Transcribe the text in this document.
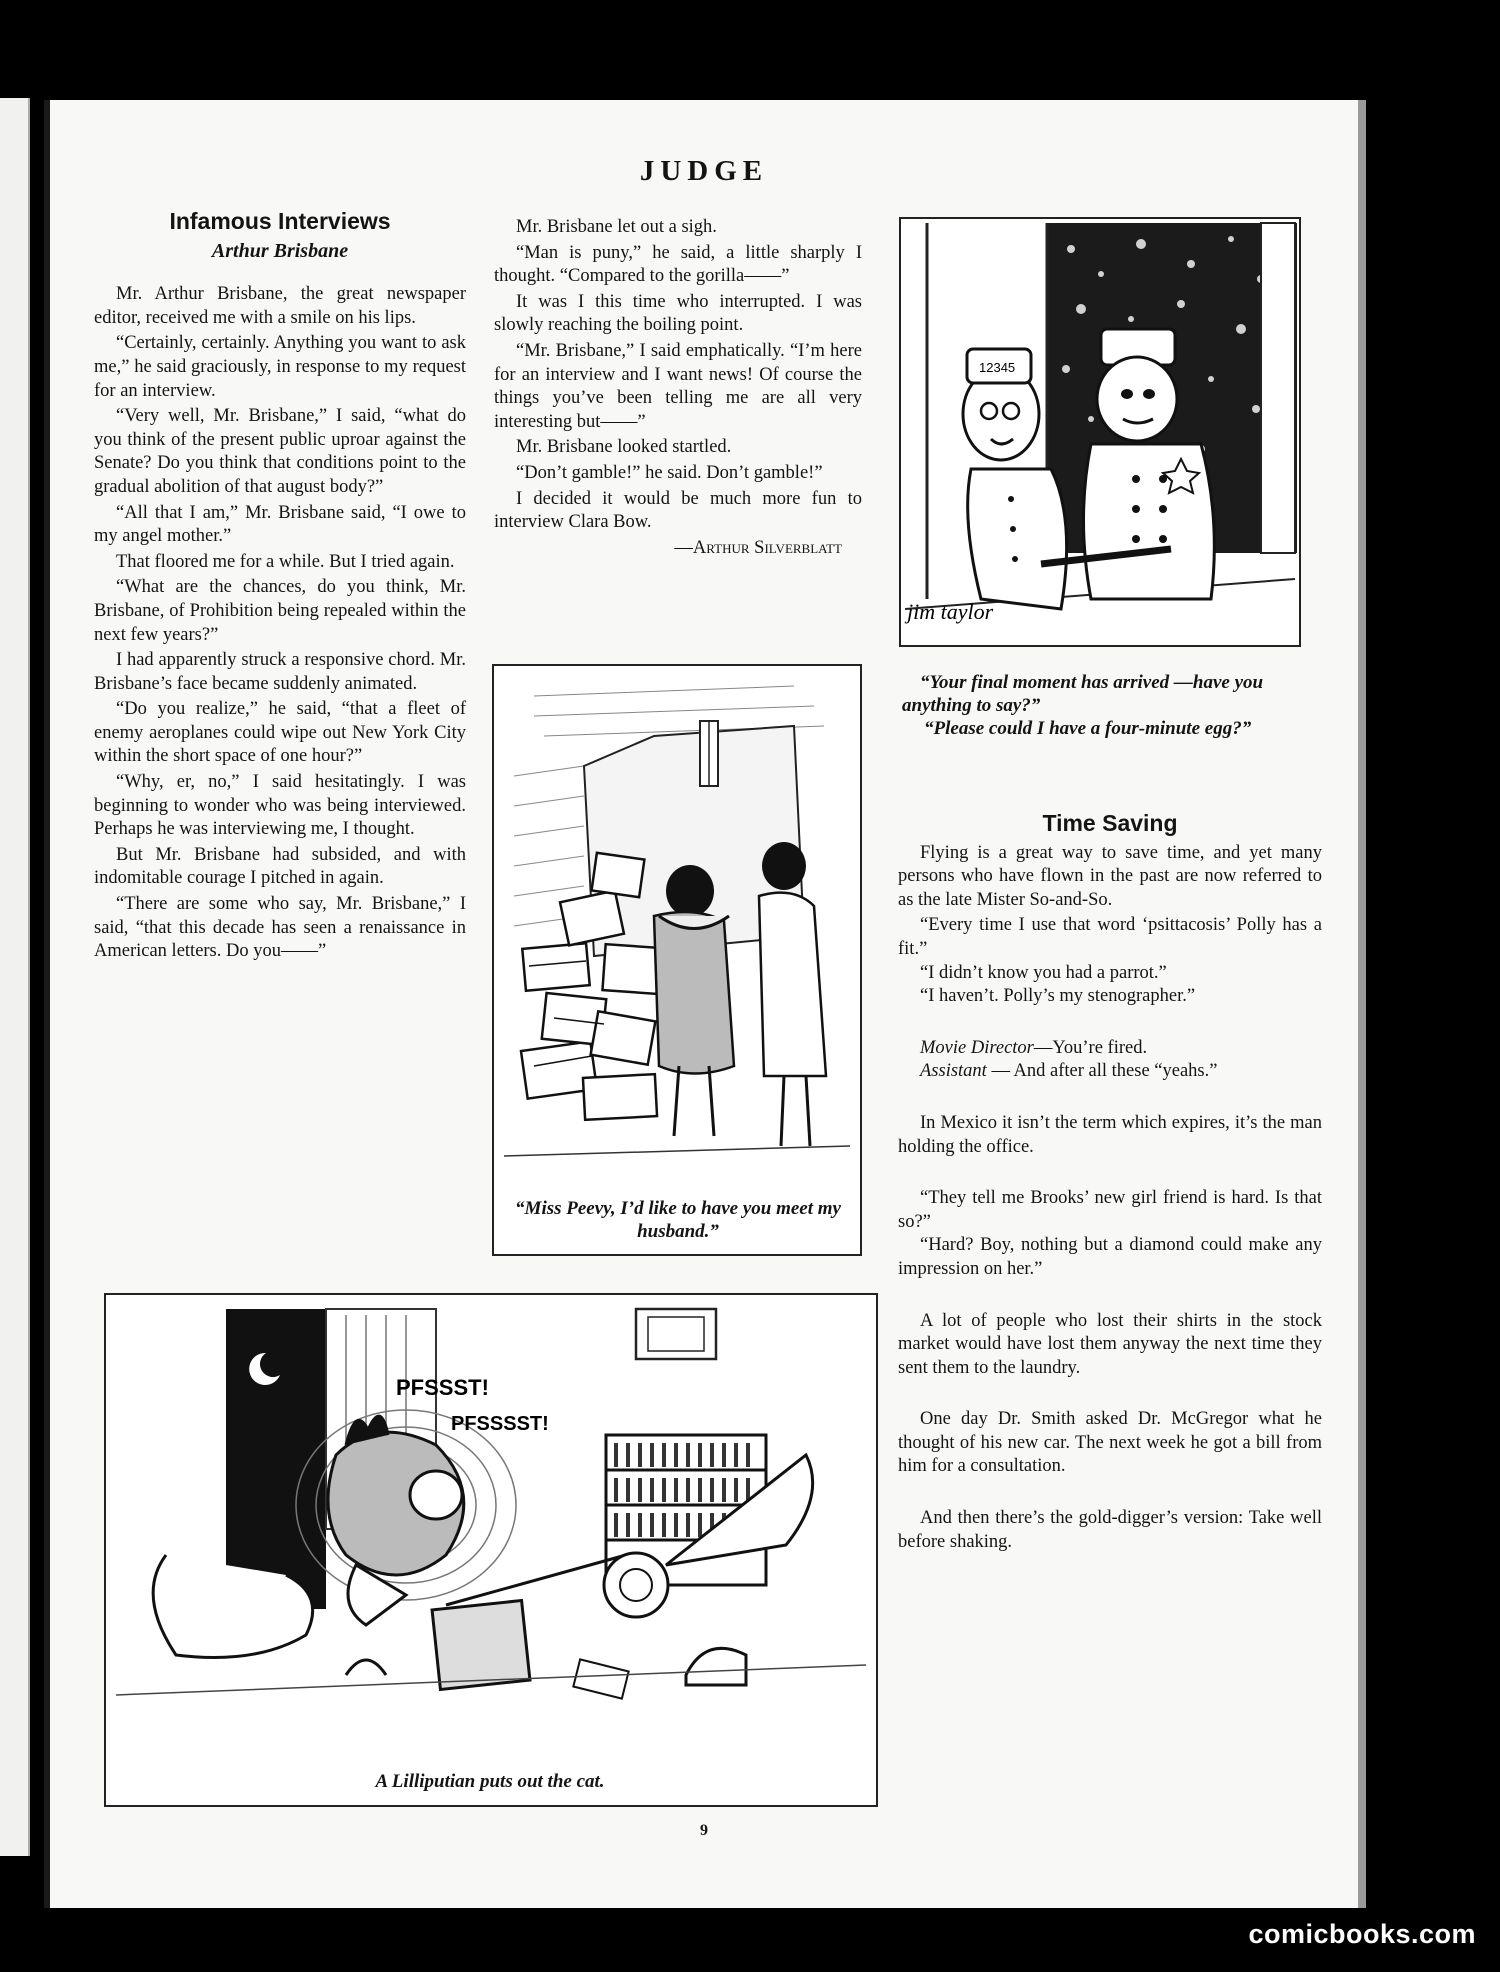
JUDGE
Infamous Interviews
Arthur Brisbane

Mr. Arthur Brisbane, the great newspaper editor, received me with a smile on his lips.

“Certainly, certainly. Anything you want to ask me,” he said graciously, in response to my request for an interview.

“Very well, Mr. Brisbane,” I said, “what do you think of the present public uproar against the Senate? Do you think that conditions point to the gradual abolition of that august body?”

“All that I am,” Mr. Brisbane said, “I owe to my angel mother.”

That floored me for a while. But I tried again.

“What are the chances, do you think, Mr. Brisbane, of Prohibition being repealed within the next few years?”

I had apparently struck a responsive chord. Mr. Brisbane’s face became suddenly animated.

“Do you realize,” he said, “that a fleet of enemy aeroplanes could wipe out New York City within the short space of one hour?”

“Why, er, no,” I said hesitatingly. I was beginning to wonder who was being interviewed. Perhaps he was interviewing me, I thought.

But Mr. Brisbane had subsided, and with indomitable courage I pitched in again.

“There are some who say, Mr. Brisbane,” I said, “that this decade has seen a renaissance in American letters. Do you——”

Mr. Brisbane let out a sigh.

“Man is puny,” he said, a little sharply I thought. “Compared to the gorilla——”

It was I this time who interrupted. I was slowly reaching the boiling point.

“Mr. Brisbane,” I said emphatically. “I’m here for an interview and I want news! Of course the things you’ve been telling me are all very interesting but——”

Mr. Brisbane looked startled.

“Don’t gamble!” he said. Don’t gamble!”

I decided it would be much more fun to interview Clara Bow.

—Arthur Silverblatt

12345
jim taylor

“Your final moment has arrived —have you anything to say?”

“Please could I have a four-minute egg?”

“Miss Peevy, I’d like to have you meet my husband.”
Time Saving

Flying is a great way to save time, and yet many persons who have flown in the past are now referred to as the late Mister So-and-So.

“Every time I use that word ‘psittacosis’ Polly has a fit.”

“I didn’t know you had a parrot.”

“I haven’t. Polly’s my stenographer.”

Movie Director—You’re fired.

Assistant — And after all these “yeahs.”

In Mexico it isn’t the term which expires, it’s the man holding the office.

“They tell me Brooks’ new girl friend is hard. Is that so?”

“Hard? Boy, nothing but a diamond could make any impression on her.”

A lot of people who lost their shirts in the stock market would have lost them anyway the next time they sent them to the laundry.

One day Dr. Smith asked Dr. McGregor what he thought of his new car. The next week he got a bill from him for a consultation.

And then there’s the gold-digger’s version: Take well before shaking.

PFSSST!
PFSSSST!
A Lilliputian puts out the cat.
9
comicbooks.com
